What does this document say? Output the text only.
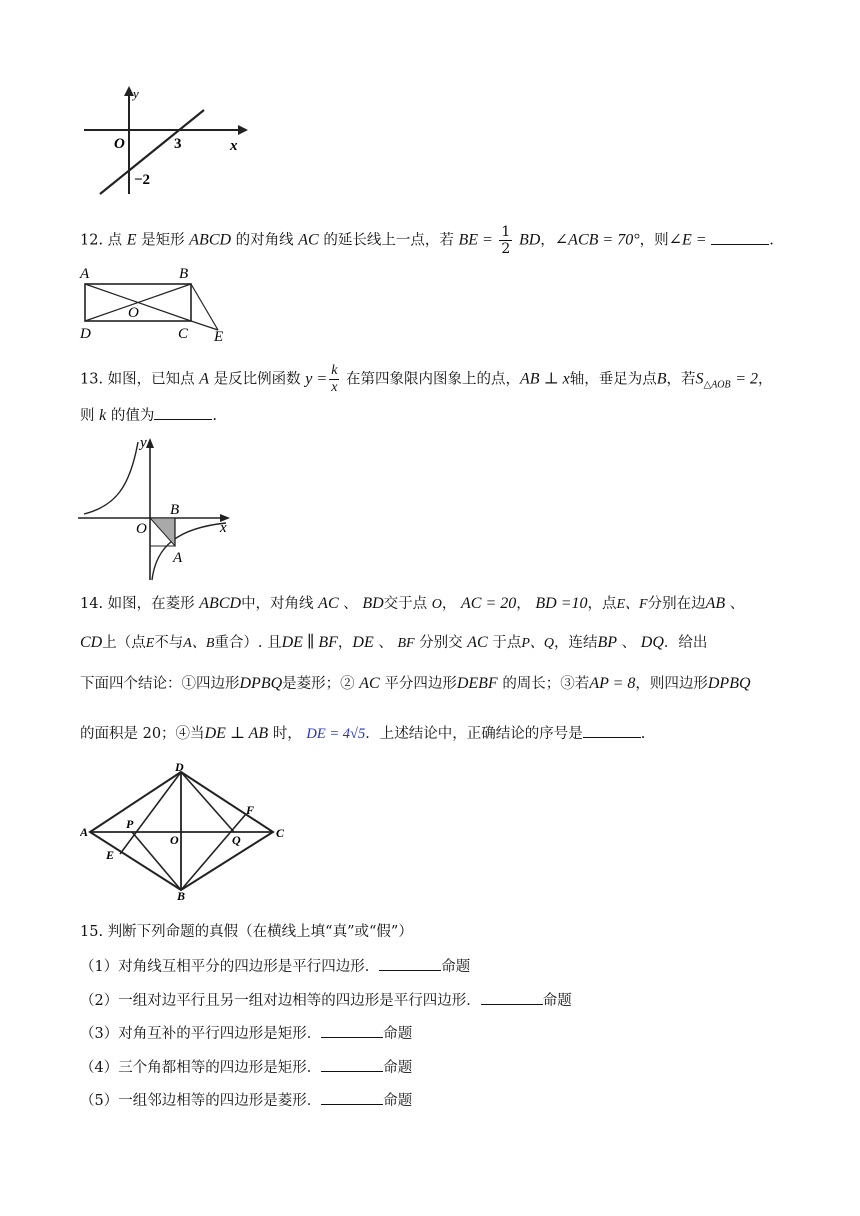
y
O	3	x
−2
12. 点 E 是矩形 ABCD 的对角线 AC 的延长线上一点，若 BE = $\frac{1}{2}$ BD，∠ACB = 70°，则∠E =	.
A	B
O
D	C E
13. 如图，已知点 A 是反比例函数 $y = \frac{k}{x}$ 在第四象限内图象上的点，AB ⊥ x轴，垂足为点B，若$S_{\triangle AOB} = 2$，
则 k 的值为	.
y
x
O
B
A
14. 如图，在菱形 ABCD中，对角线 AC 、 BD交于点 O， AC = 20， BD =10，点E、F分别在边AB 、
CD上（点E不与A、B重合）. 且DE ∥ BF，DE 、 BF 分别交 AC 于点P、Q，连结BP 、 DQ．给出
下面四个结论：①四边形DPBQ是菱形；② AC 平分四边形DEBF 的周长；③若AP = 8，则四边形DPBQ
的面积是 20；④当DE ⊥ AB 时， DE = 4√5．上述结论中，正确结论的序号是	.
D
A
P
O	Q
F
C
E
B
15. 判断下列命题的真假（在横线上填“真”或“假”）
（1）对角线互相平分的四边形是平行四边形．	命题
（2）一组对边平行且另一组对边相等的四边形是平行四边形．	命题
（3）对角互补的平行四边形是矩形．	命题
（4）三个角都相等的四边形是矩形．	命题
（5）一组邻边相等的四边形是菱形．	命题
